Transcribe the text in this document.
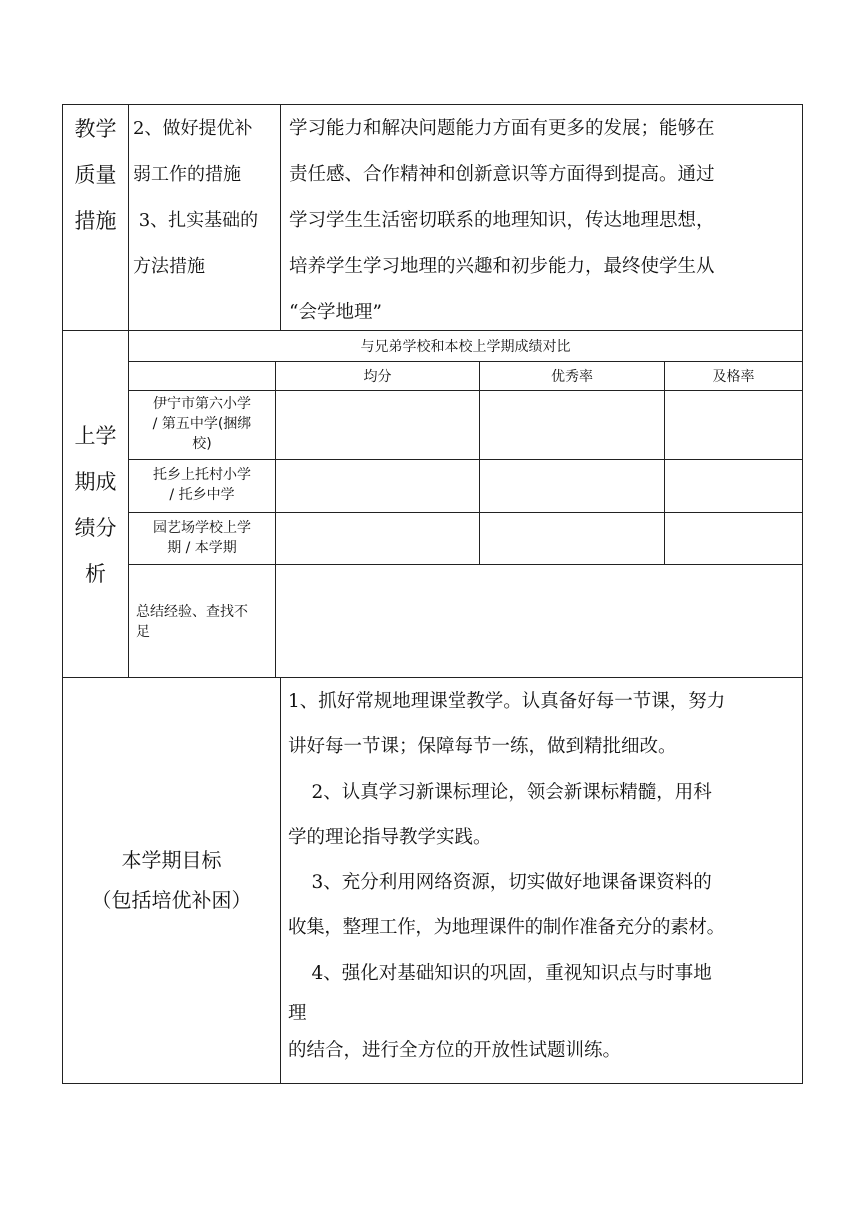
教学
质量
措施
2、做好提优补
弱工作的措施
3、扎实基础的
方法措施
学习能力和解决问题能力方面有更多的发展；能够在
责任感、合作精神和创新意识等方面得到提高。通过
学习学生生活密切联系的地理知识，传达地理思想，
培养学生学习地理的兴趣和初步能力，最终使学生从
“会学地理”
上学
期成
绩分
析
与兄弟学校和本校上学期成绩对比
均分	优秀率	及格率
伊宁市第六小学
/ 第五中学(捆绑
校)
托乡上托村小学
/ 托乡中学
园艺场学校上学
期 / 本学期
总结经验、查找不
足
本学期目标
（包括培优补困）
1、抓好常规地理课堂教学。认真备好每一节课，努力
讲好每一节课；保障每节一练，做到精批细改。
2、认真学习新课标理论，领会新课标精髓，用科
学的理论指导教学实践。
3、充分利用网络资源，切实做好地课备课资料的
收集，整理工作，为地理课件的制作准备充分的素材。
4、强化对基础知识的巩固，重视知识点与时事地
理
的结合，进行全方位的开放性试题训练。
